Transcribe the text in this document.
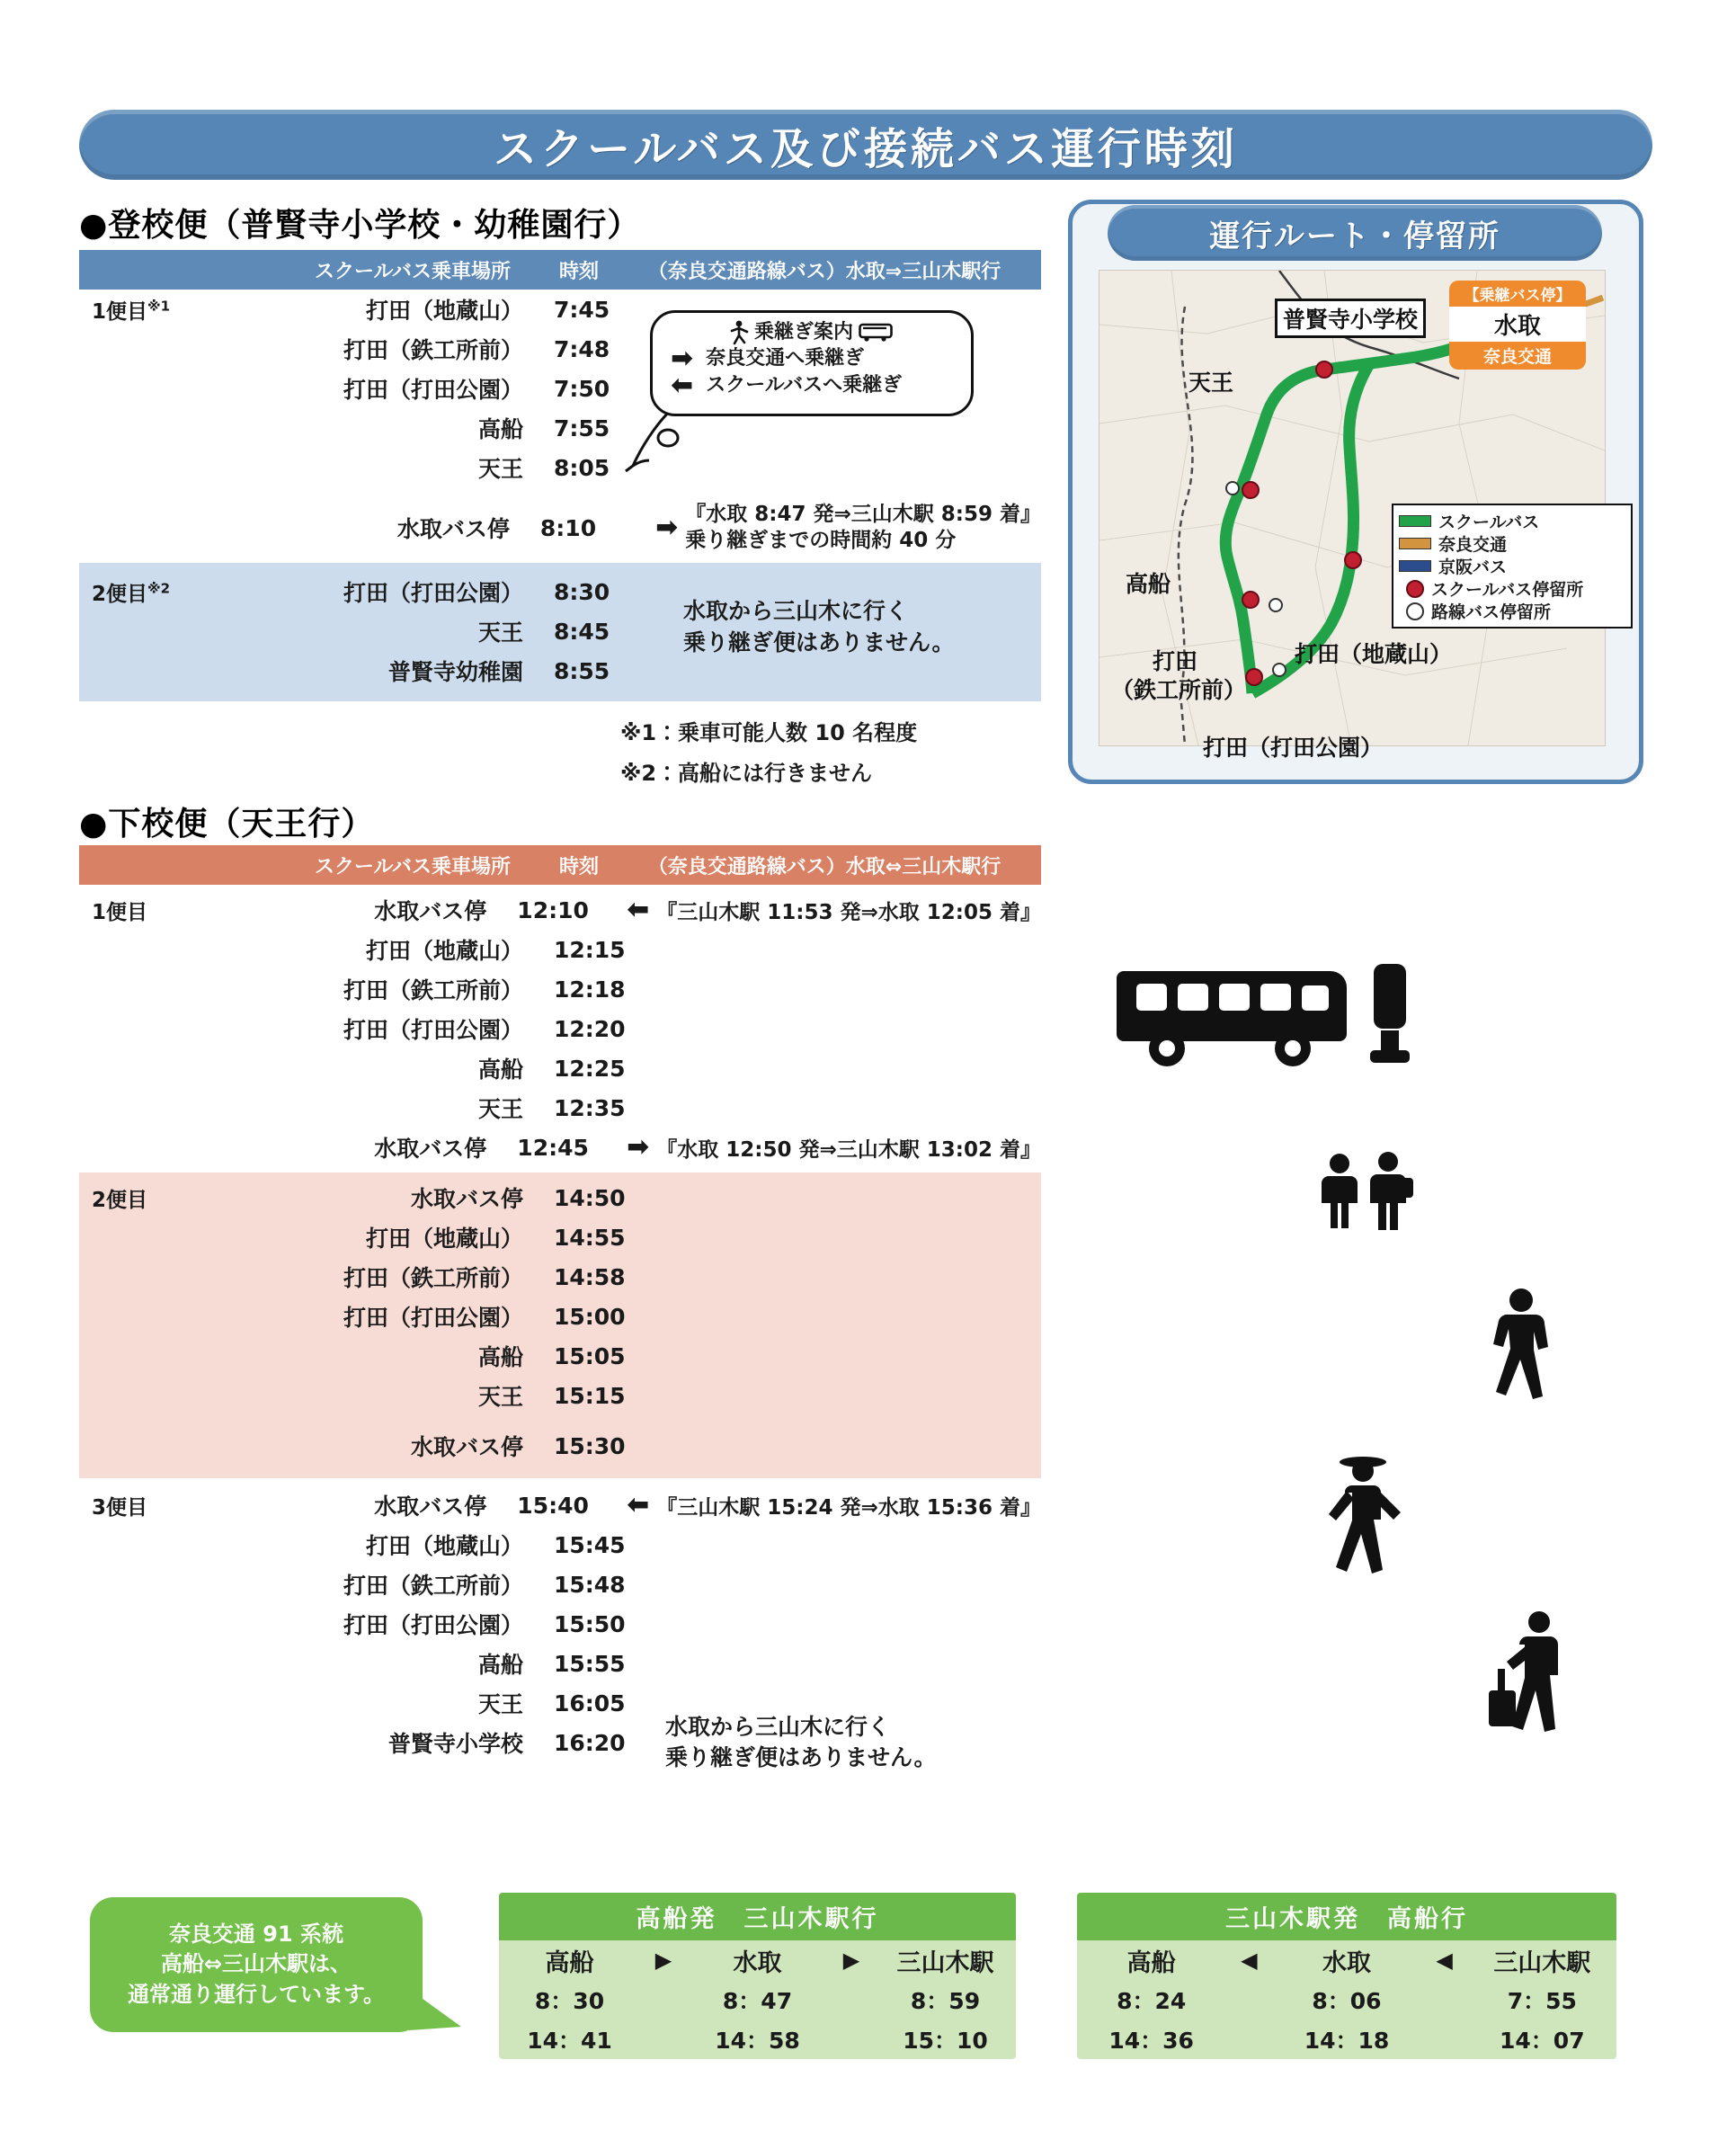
スクールバス及び接続バス運行時刻
●登校便（普賢寺小学校・幼稚園行）
スクールバス乗車場所	時刻	（奈良交通路線バス）水取⇒三山木駅行
1便目$^{※1}$	打田（地蔵山）	7:45
打田（鉄工所前）	7:48
打田（打田公園）	7:50
高船	7:55
天王	8:05
水取バス停	8:10	➡ 『水取 8:47 発⇒三山木駅 8:59 着』
乗り継ぎまでの時間約 40 分
2便目$^{※2}$	打田（打田公園）	8:30
天王	8:45
普賢寺幼稚園	8:55
水取から三山木に行く
乗り継ぎ便はありません。
乗継ぎ案内
➡ 奈良交通へ乗継ぎ
⬅ スクールバスへ乗継ぎ
※1：乗車可能人数 10 名程度
※2：高船には行きません
運行ルート・停留所
普賢寺小学校
天王
高船
打田（地蔵山）
打田
（鉄工所前）
打田（打田公園）
【乗継バス停】
水取
奈良交通
スクールバス
奈良交通
京阪バス
スクールバス停留所
路線バス停留所
●下校便（天王行）
スクールバス乗車場所	時刻	（奈良交通路線バス）水取⇔三山木駅行
1便目	水取バス停	12:10	⬅ 『三山木駅 11:53 発⇒水取 12:05 着』
打田（地蔵山）	12:15
打田（鉄工所前）	12:18
打田（打田公園）	12:20
高船	12:25
天王	12:35
水取バス停	12:45	➡ 『水取 12:50 発⇒三山木駅 13:02 着』
2便目	水取バス停	14:50
打田（地蔵山）	14:55
打田（鉄工所前）	14:58
打田（打田公園）	15:00
高船	15:05
天王	15:15
水取バス停	15:30
3便目	水取バス停	15:40	⬅ 『三山木駅 15:24 発⇒水取 15:36 着』
打田（地蔵山）	15:45
打田（鉄工所前）	15:48
打田（打田公園）	15:50
高船	15:55
天王	16:05
普賢寺小学校	16:20
水取から三山木に行く
乗り継ぎ便はありません。
奈良交通 91 系統
高船⇔三山木駅は、
通常通り運行しています。
高船発　三山木駅行
高船	▶	水取	▶	三山木駅
8：30	8：47	8：59
14：41	14：58	15：10
三山木駅発　高船行
高船	◀	水取	◀	三山木駅
8：24	8：06	7：55
14：36	14：18	14：07
